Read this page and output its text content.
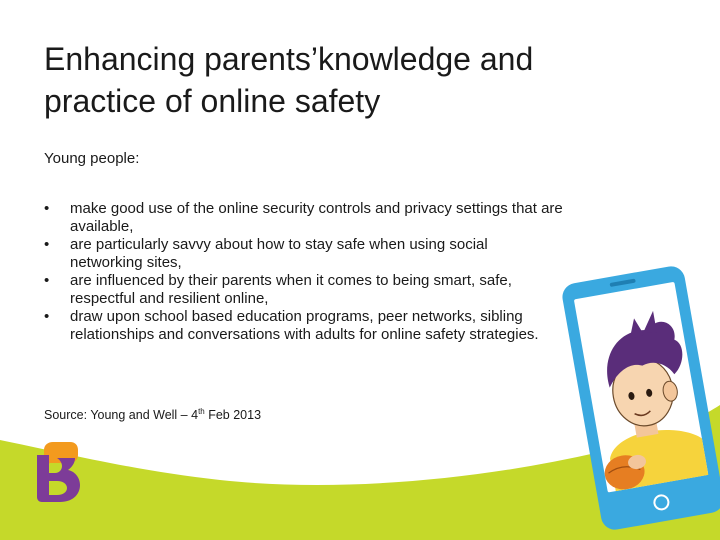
Enhancing parents’knowledge and practice of online safety

Young people:

• make good use of the online security controls and privacy settings that are available,
• are particularly savvy about how to stay safe when using social networking sites,
• are influenced by their parents when it comes to being smart, safe, respectful and resilient online,
• draw upon school based education programs, peer networks, sibling relationships and conversations with adults for online safety strategies.

Source: Young and Well – 4th Feb 2013
